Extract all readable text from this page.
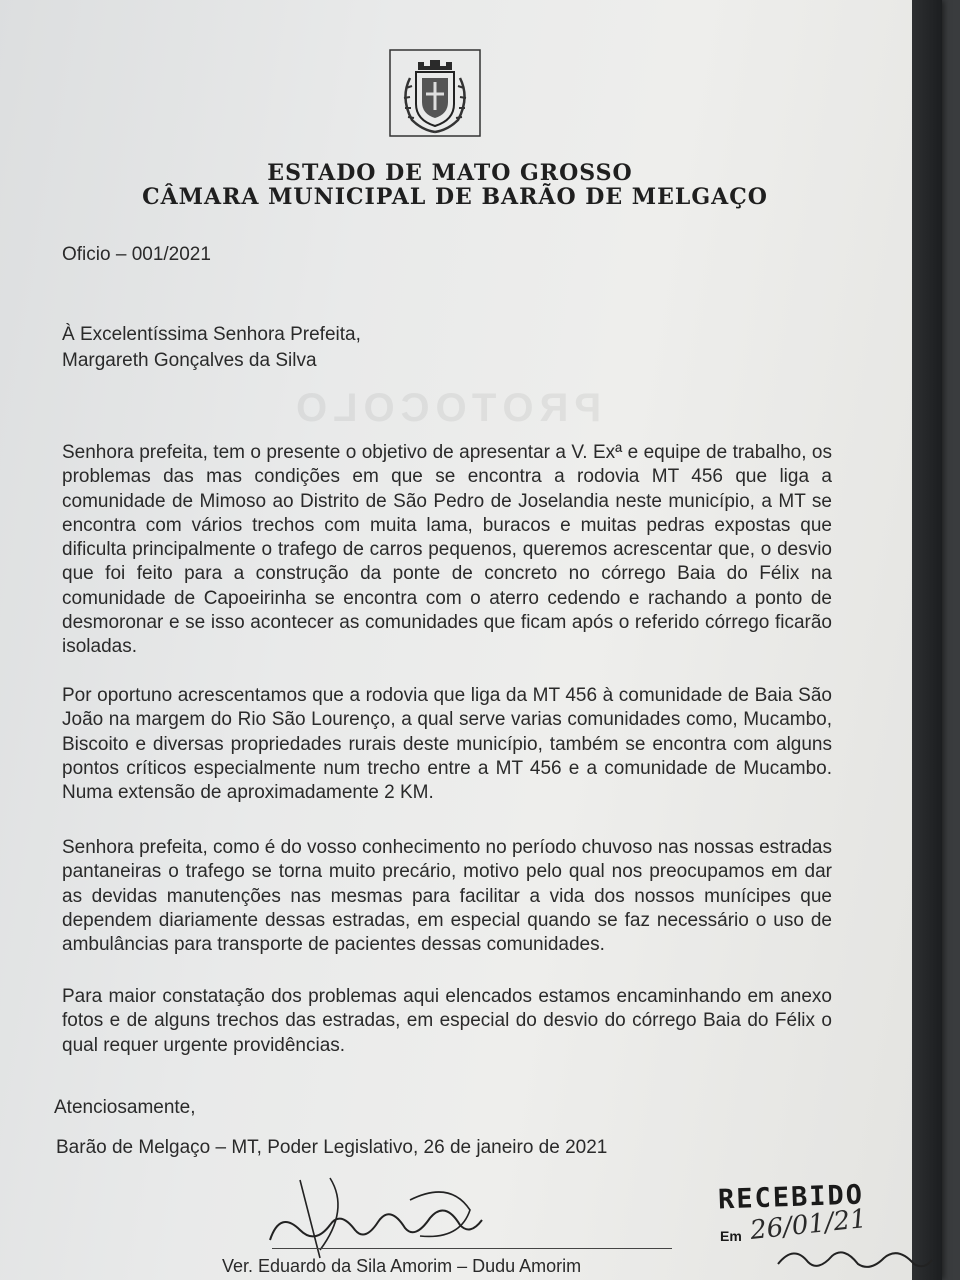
ESTADO DE MATO GROSSO
CÂMARA MUNICIPAL DE BARÃO DE MELGAÇO
Oficio – 001/2021
À Excelentíssima Senhora Prefeita,
Margareth Gonçalves da Silva
PROTOCOLO
Senhora prefeita, tem o presente o objetivo de apresentar a V. Exª e equipe de trabalho, os problemas das mas condições em que se encontra a rodovia MT 456 que liga a comunidade de Mimoso ao Distrito de São Pedro de Joselandia neste município, a MT se encontra com vários trechos com muita lama, buracos e muitas pedras expostas que dificulta principalmente o trafego de carros pequenos, queremos acrescentar que, o desvio que foi feito para a construção da ponte de concreto no córrego Baia do Félix na comunidade de Capoeirinha se encontra com o aterro cedendo e rachando a ponto de desmoronar e se isso acontecer as comunidades que ficam após o referido córrego ficarão isoladas.
Por oportuno acrescentamos que a rodovia que liga da MT 456 à comunidade de Baia São João na margem do Rio São Lourenço, a qual serve varias comunidades como, Mucambo, Biscoito e diversas propriedades rurais deste município, também se encontra com alguns pontos críticos especialmente num trecho entre a MT 456 e a comunidade de Mucambo. Numa extensão de aproximadamente 2 KM.
Senhora prefeita, como é do vosso conhecimento no período chuvoso nas nossas estradas pantaneiras o trafego se torna muito precário, motivo pelo qual nos preocupamos em dar as devidas manutenções nas mesmas para facilitar a vida dos nossos munícipes que dependem diariamente dessas estradas, em especial quando se faz necessário o uso de ambulâncias para transporte de pacientes dessas comunidades.
Para maior constatação dos problemas aqui elencados estamos encaminhando em anexo fotos e de alguns trechos das estradas, em especial do desvio do córrego Baia do Félix o qual requer urgente providências.
Atenciosamente,
Barão de Melgaço – MT, Poder Legislativo, 26 de janeiro de 2021
Ver. Eduardo da Sila Amorim – Dudu Amorim
RECEBIDO
Em 26/01/21
